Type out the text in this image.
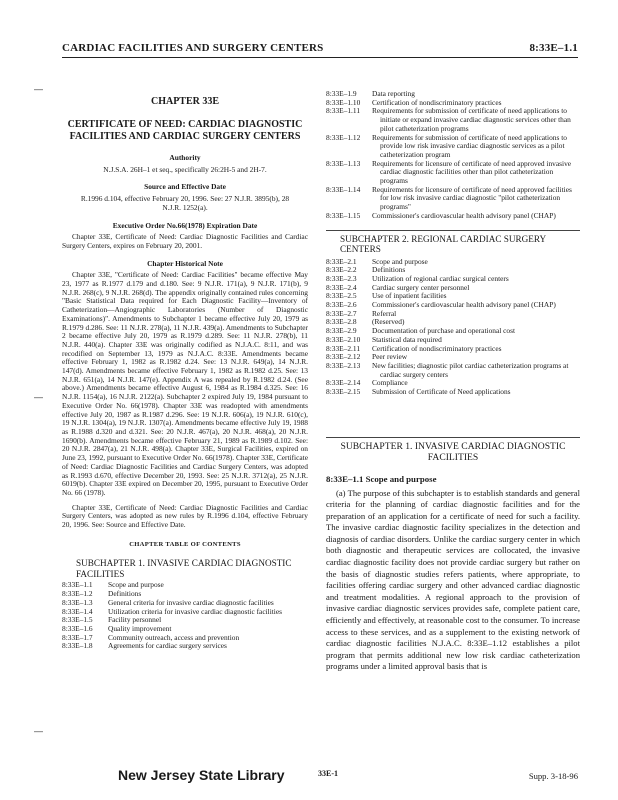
CARDIAC FACILITIES AND SURGERY CENTERS	8:33E–1.1
—
—
—
CHAPTER 33E
CERTIFICATE OF NEED: CARDIAC DIAGNOSTIC FACILITIES AND CARDIAC SURGERY CENTERS
Authority
N.J.S.A. 26H–1 et seq., specifically 26:2H-5 and 2H-7.
Source and Effective Date
R.1996 d.104, effective February 20, 1996. See: 27 N.J.R. 3895(b), 28 N.J.R. 1252(a).
Executive Order No.66(1978) Expiration Date
Chapter 33E, Certificate of Need: Cardiac Diagnostic Facilities and Cardiac Surgery Centers, expires on February 20, 2001.
Chapter Historical Note
Chapter 33E, "Certificate of Need: Cardiac Facilities" became effective May 23, 1977 as R.1977 d.179 and d.180. See: 9 N.J.R. 171(a), 9 N.J.R. 171(b), 9 N.J.R. 268(c), 9 N.J.R. 268(d). The appendix originally contained rules concerning "Basic Statistical Data required for Each Diagnostic Facility—Inventory of Catheterization—Angiographic Laboratories (Number of Diagnostic Examinations)". Amendments to Subchapter 1 became effective July 20, 1979 as R.1979 d.286. See: 11 N.J.R. 278(a), 11 N.J.R. 439(a). Amendments to Subchapter 2 became effective July 20, 1979 as R.1979 d.289. See: 11 N.J.R. 278(b), 11 N.J.R. 440(a). Chapter 33E was originally codified as N.J.A.C. 8:11, and was recodified on September 13, 1979 as N.J.A.C. 8:33E. Amendments became effective February 1, 1982 as R.1982 d.24. See: 13 N.J.R. 649(a), 14 N.J.R. 147(d). Amendments became effective February 1, 1982 as R.1982 d.25. See: 13 N.J.R. 651(a), 14 N.J.R. 147(e). Appendix A was repealed by R.1982 d.24. (See above.) Amendments became effective August 6, 1984 as R.1984 d.325. See: 16 N.J.R. 1154(a), 16 N.J.R. 2122(a). Subchapter 2 expired July 19, 1984 pursuant to Executive Order No. 66(1978). Chapter 33E was readopted with amendments effective July 20, 1987 as R.1987 d.296. See: 19 N.J.R. 606(a), 19 N.J.R. 610(c), 19 N.J.R. 1304(a), 19 N.J.R. 1307(a). Amendments became effective July 19, 1988 as R.1988 d.320 and d.321. See: 20 N.J.R. 467(a), 20 N.J.R. 468(a), 20 N.J.R. 1690(b). Amendments became effective February 21, 1989 as R.1989 d.102. See: 20 N.J.R. 2847(a), 21 N.J.R. 498(a). Chapter 33E, Surgical Facilities, expired on June 23, 1992, pursuant to Executive Order No. 66(1978). Chapter 33E, Certificate of Need: Cardiac Diagnostic Facilities and Cardiac Surgery Centers, was adopted as R.1993 d.670, effective December 20, 1993. See: 25 N.J.R. 3712(a), 25 N.J.R. 6019(b). Chapter 33E expired on December 20, 1995, pursuant to Executive Order No. 66 (1978).
Chapter 33E, Certificate of Need: Cardiac Diagnostic Facilities and Cardiac Surgery Centers, was adopted as new rules by R.1996 d.104, effective February 20, 1996. See: Source and Effective Date.
CHAPTER TABLE OF CONTENTS
SUBCHAPTER 1. INVASIVE CARDIAC DIAGNOSTIC FACILITIES
8:33E–1.1	Scope and purpose
8:33E–1.2	Definitions
8:33E–1.3	General criteria for invasive cardiac diagnostic facilities
8:33E–1.4	Utilization criteria for invasive cardiac diagnostic facilities
8:33E–1.5	Facility personnel
8:33E–1.6	Quality improvement
8:33E–1.7	Community outreach, access and prevention
8:33E–1.8	Agreements for cardiac surgery services
8:33E–1.9	Data reporting
8:33E–1.10	Certification of nondiscriminatory practices
8:33E–1.11	Requirements for submission of certificate of need applications to initiate or expand invasive cardiac diagnostic services other than pilot catheterization programs
8:33E–1.12	Requirements for submission of certificate of need applications to provide low risk invasive cardiac diagnostic services as a pilot catheterization program
8:33E–1.13	Requirements for licensure of certificate of need approved invasive cardiac diagnostic facilities other than pilot catheterization programs
8:33E–1.14	Requirements for licensure of certificate of need approved facilities for low risk invasive cardiac diagnostic "pilot catheterization programs"
8:33E–1.15	Commissioner's cardiovascular health advisory panel (CHAP)
SUBCHAPTER 2. REGIONAL CARDIAC SURGERY CENTERS
8:33E–2.1	Scope and purpose
8:33E–2.2	Definitions
8:33E–2.3	Utilization of regional cardiac surgical centers
8:33E–2.4	Cardiac surgery center personnel
8:33E–2.5	Use of inpatient facilities
8:33E–2.6	Commissioner's cardiovascular health advisory panel (CHAP)
8:33E–2.7	Referral
8:33E–2.8	(Reserved)
8:33E–2.9	Documentation of purchase and operational cost
8:33E–2.10	Statistical data required
8:33E–2.11	Certification of nondiscriminatory practices
8:33E–2.12	Peer review
8:33E–2.13	New facilities; diagnostic pilot cardiac catheterization programs at cardiac surgery centers
8:33E–2.14	Compliance
8:33E–2.15	Submission of Certificate of Need applications
SUBCHAPTER 1. INVASIVE CARDIAC DIAGNOSTIC FACILITIES
8:33E–1.1 Scope and purpose
(a) The purpose of this subchapter is to establish standards and general criteria for the planning of cardiac diagnostic facilities and for the preparation of an application for a certificate of need for such a facility. The invasive cardiac diagnostic facility specializes in the detection and diagnosis of cardiac disorders. Unlike the cardiac surgery center in which both diagnostic and therapeutic services are collocated, the invasive cardiac diagnostic facility does not provide cardiac surgery but rather on the basis of diagnostic studies refers patients, where appropriate, to facilities offering cardiac surgery and other advanced cardiac diagnostic and treatment modalities. A regional approach to the provision of invasive cardiac diagnostic services provides safe, complete patient care, efficiently and effectively, at reasonable cost to the consumer. To increase access to these services, and as a supplement to the existing network of cardiac diagnostic facilities N.J.A.C. 8:33E–1.12 establishes a pilot program that permits additional new low risk cardiac catheterization programs under a limited approval basis that is
New Jersey State Library	33E-1	Supp. 3-18-96
